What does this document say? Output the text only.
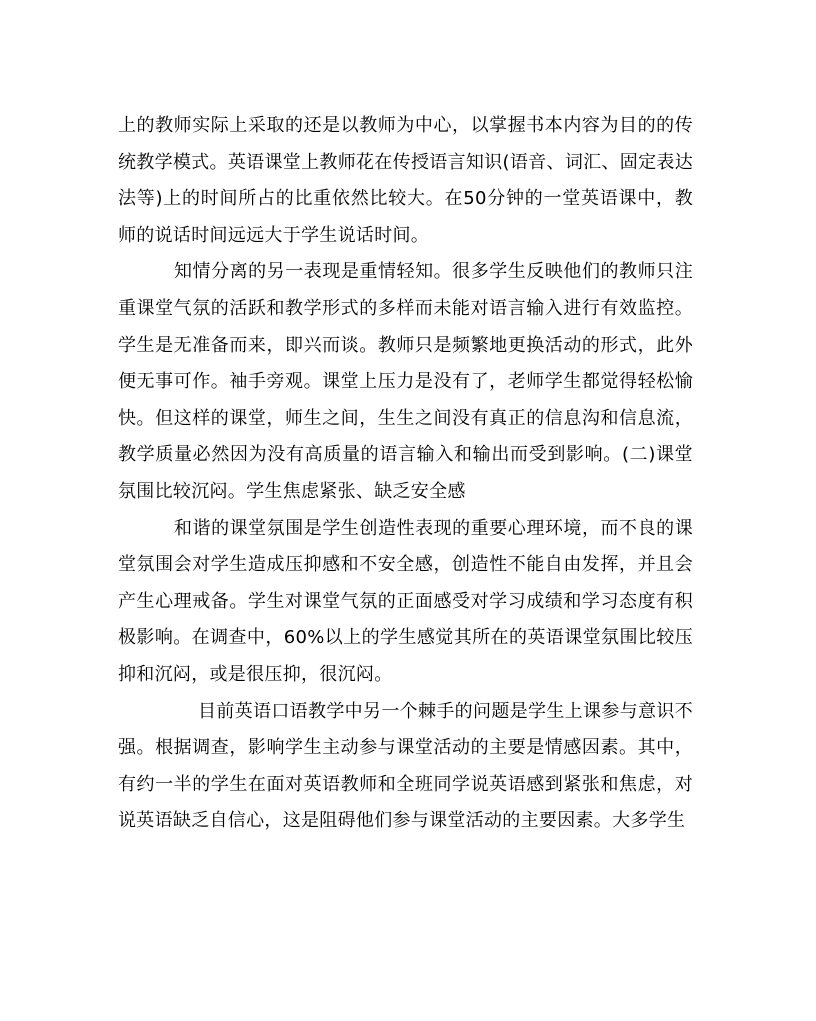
上的教师实际上采取的还是以教师为中心，以掌握书本内容为目的的传统教学模式。英语课堂上教师花在传授语言知识(语音、词汇、固定表达法等)上的时间所占的比重依然比较大。在50分钟的一堂英语课中，教师的说话时间远远大于学生说话时间。

知情分离的另一表现是重情轻知。很多学生反映他们的教师只注重课堂气氛的活跃和教学形式的多样而未能对语言输入进行有效监控。学生是无准备而来，即兴而谈。教师只是频繁地更换活动的形式，此外便无事可作。袖手旁观。课堂上压力是没有了，老师学生都觉得轻松愉快。但这样的课堂，师生之间，生生之间没有真正的信息沟和信息流，教学质量必然因为没有高质量的语言输入和输出而受到影响。(二)课堂氛围比较沉闷。学生焦虑紧张、缺乏安全感

和谐的课堂氛围是学生创造性表现的重要心理环境，而不良的课堂氛围会对学生造成压抑感和不安全感，创造性不能自由发挥，并且会产生心理戒备。学生对课堂气氛的正面感受对学习成绩和学习态度有积极影响。在调查中，60%以上的学生感觉其所在的英语课堂氛围比较压抑和沉闷，或是很压抑，很沉闷。

目前英语口语教学中另一个棘手的问题是学生上课参与意识不强。根据调查，影响学生主动参与课堂活动的主要是情感因素。其中，有约一半的学生在面对英语教师和全班同学说英语感到紧张和焦虑，对说英语缺乏自信心，这是阻碍他们参与课堂活动的主要因素。大多学生
